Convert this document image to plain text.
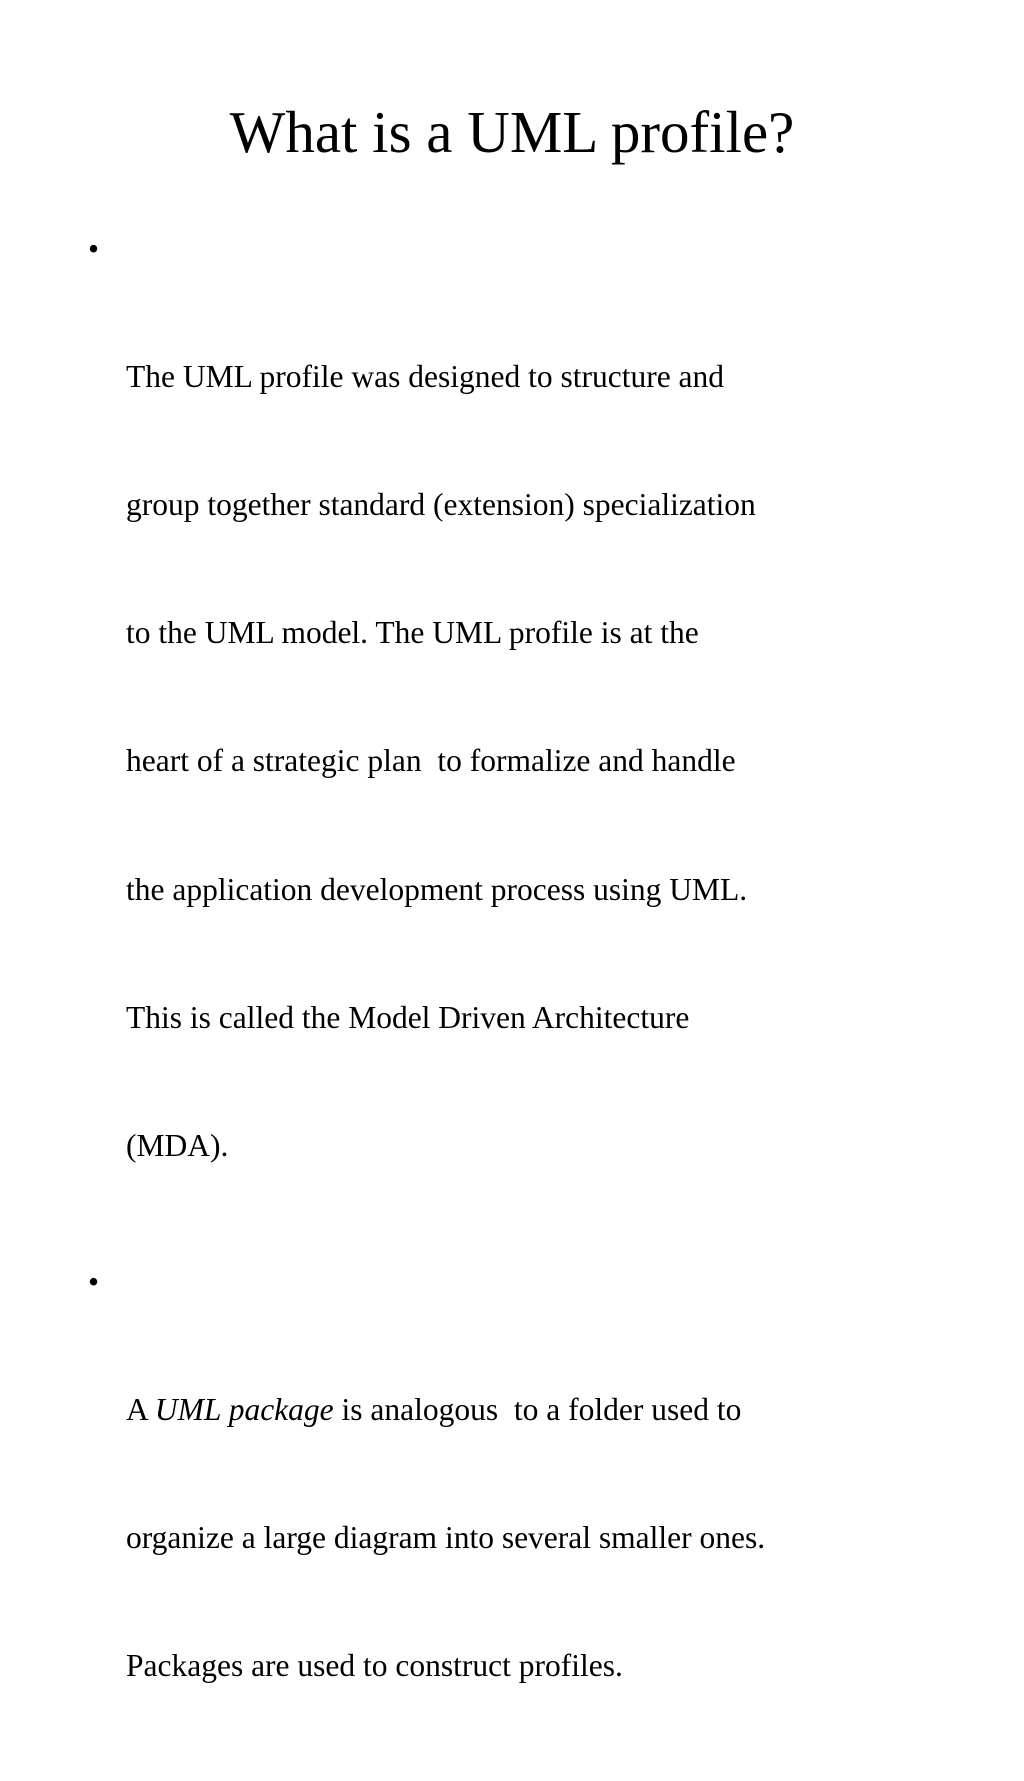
What is a UML profile?

•

The UML profile was designed to structure and

group together standard (extension) specialization

to the UML model. The UML profile is at the

heart of a strategic plan  to formalize and handle

the application development process using UML.

This is called the Model Driven Architecture

(MDA).

•

A UML package is analogous  to a folder used to

organize a large diagram into several smaller ones.

Packages are used to construct profiles.
